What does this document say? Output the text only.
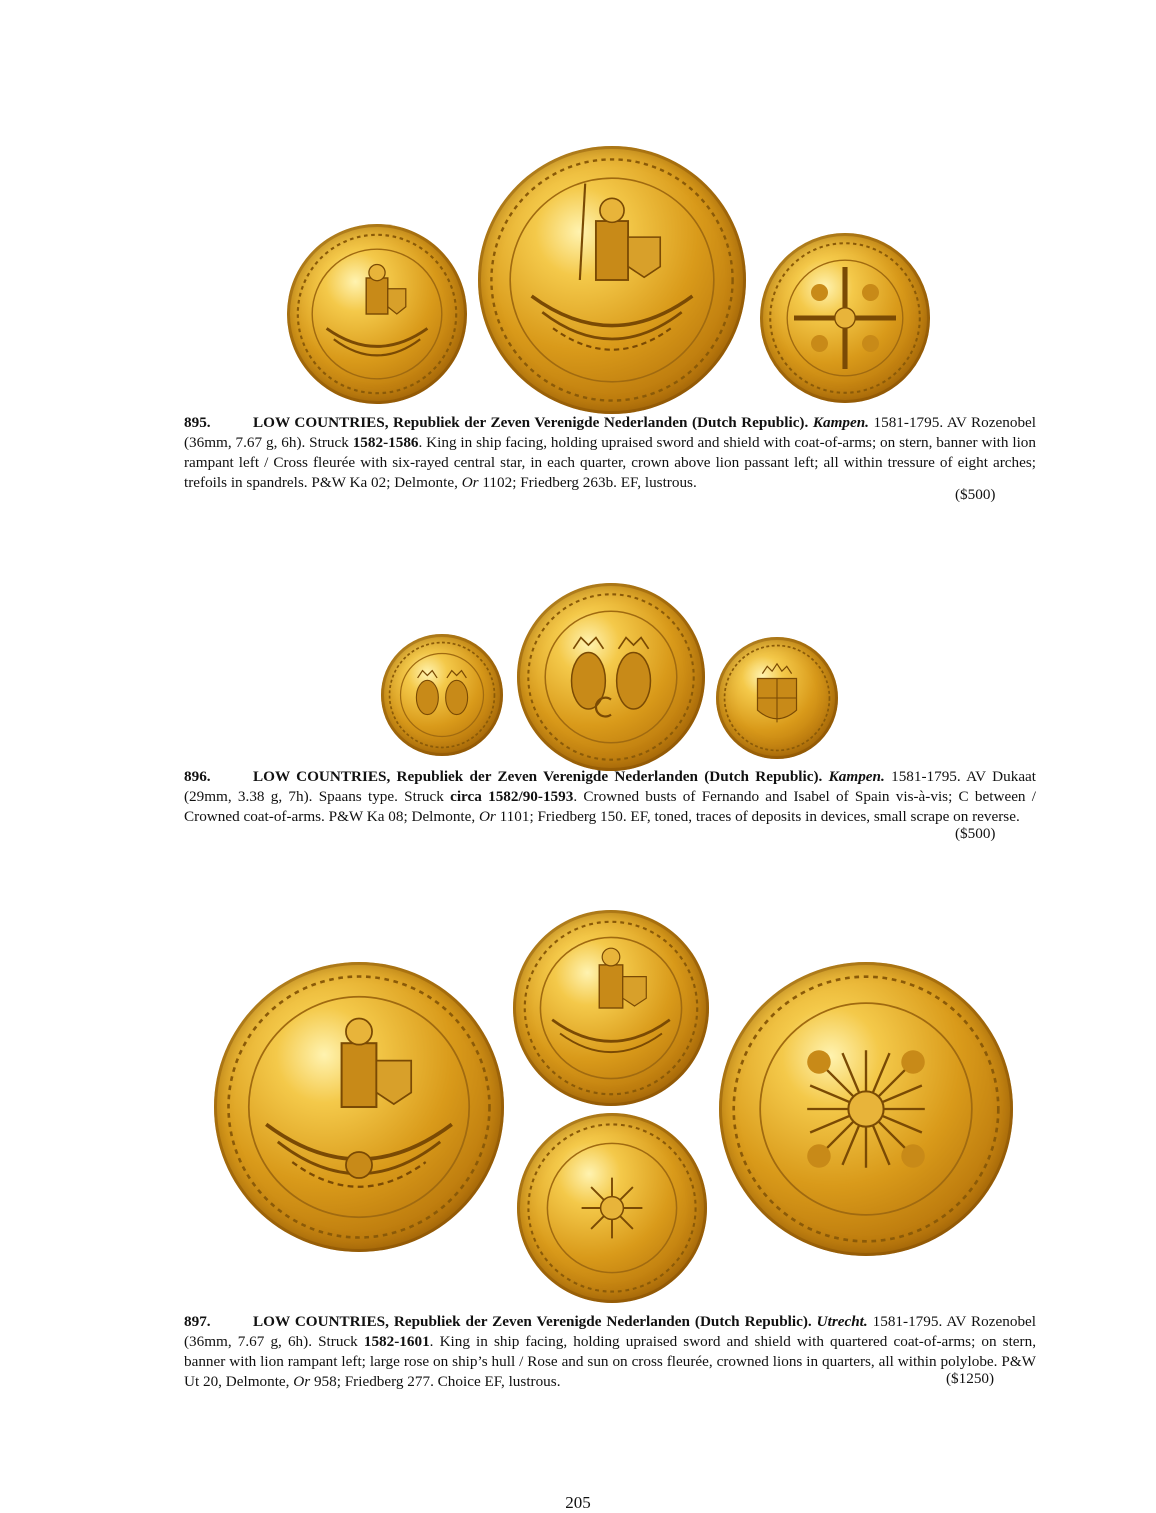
895.	LOW COUNTRIES, Republiek der Zeven Verenigde Nederlanden (Dutch Republic). Kampen. 1581-1795. AV Rozenobel (36mm, 7.67 g, 6h). Struck 1582-1586. King in ship facing, holding upraised sword and shield with coat-of-arms; on stern, banner with lion rampant left / Cross fleurée with six-rayed central star, in each quarter, crown above lion passant left; all within tressure of eight arches; trefoils in spandrels. P&W Ka 02; Delmonte, Or 1102; Friedberg 263b. EF, lustrous.
($500)
896.	LOW COUNTRIES, Republiek der Zeven Verenigde Nederlanden (Dutch Republic). Kampen. 1581-1795. AV Dukaat (29mm, 3.38 g, 7h). Spaans type. Struck circa 1582/90-1593. Crowned busts of Fernando and Isabel of Spain vis-à-vis; C between / Crowned coat-of-arms. P&W Ka 08; Delmonte, Or 1101; Friedberg 150. EF, toned, traces of deposits in devices, small scrape on reverse.
($500)
897.	LOW COUNTRIES, Republiek der Zeven Verenigde Nederlanden (Dutch Republic). Utrecht. 1581-1795. AV Rozenobel (36mm, 7.67 g, 6h). Struck 1582-1601. King in ship facing, holding upraised sword and shield with quartered coat-of-arms; on stern, banner with lion rampant left; large rose on ship’s hull / Rose and sun on cross fleurée, crowned lions in quarters, all within polylobe. P&W Ut 20, Delmonte, Or 958; Friedberg 277. Choice EF, lustrous.	($1250)
205
